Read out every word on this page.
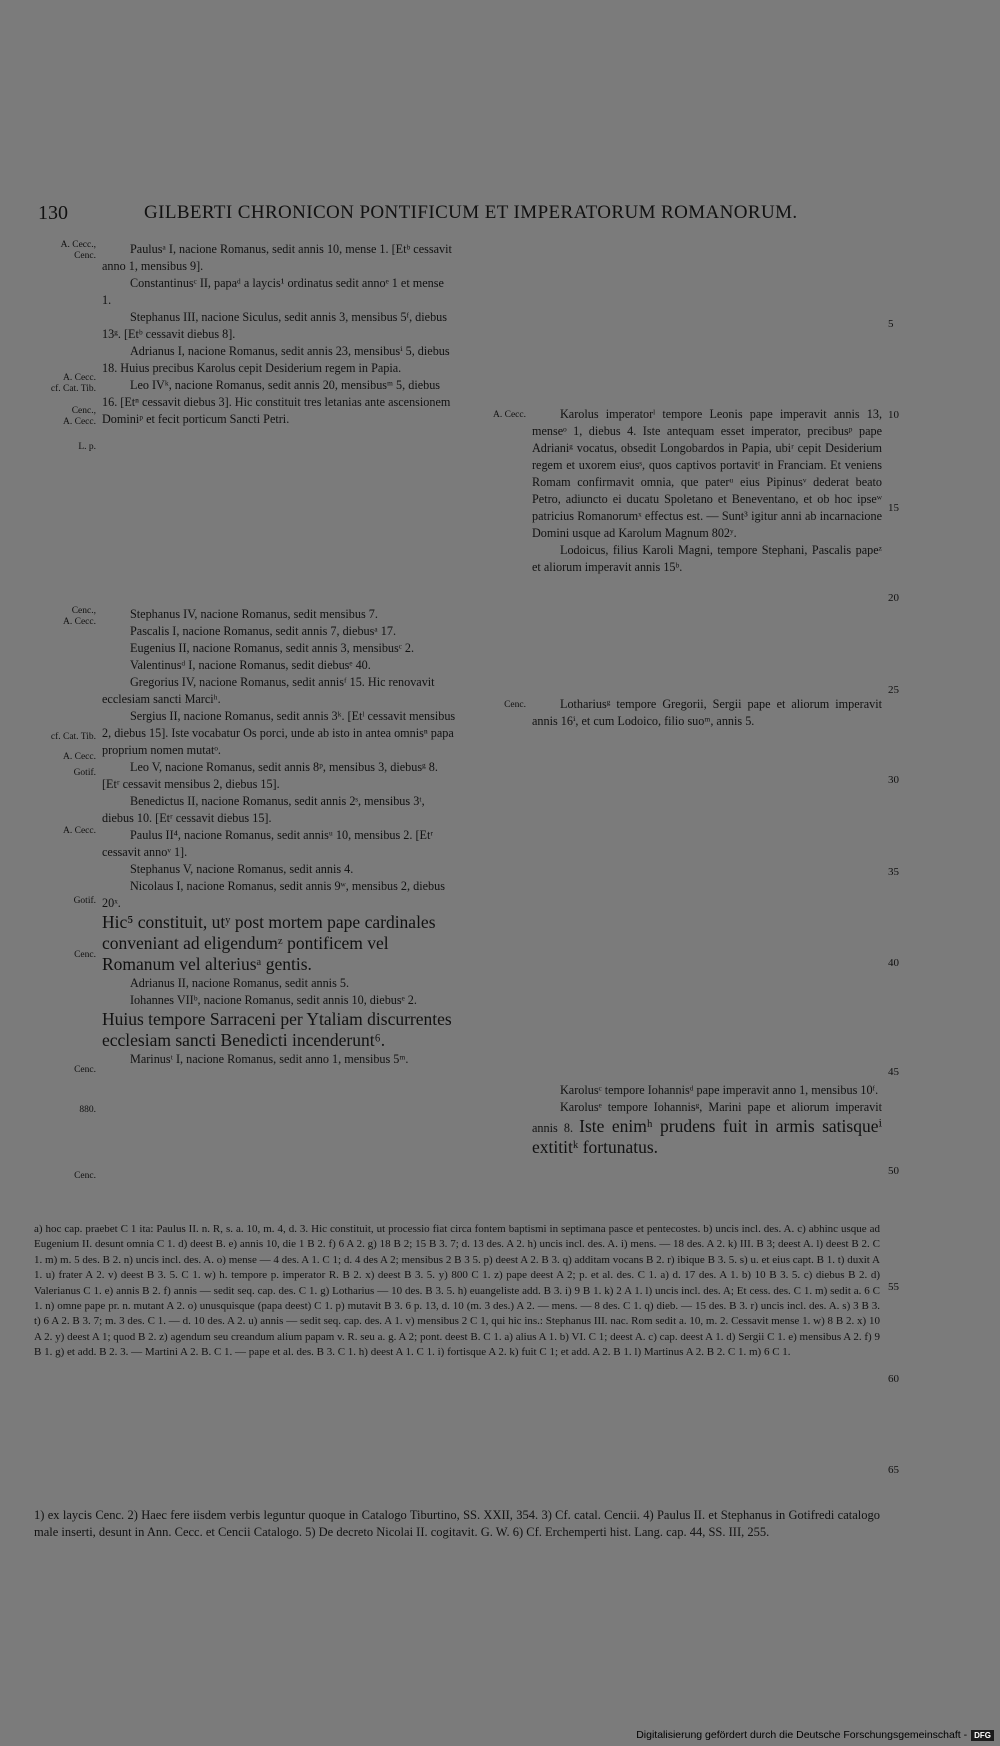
130	GILBERTI CHRONICON PONTIFICUM ET IMPERATORUM ROMANORUM.
A. Cecc.,
Cenc.
A. Cecc.
cf. Cat. Tib.
Cenc.,
A. Cecc.
L. p.
Cenc.,
A. Cecc.
cf. Cat. Tib.
A. Cecc.
Gotif.
A. Cecc.
Gotif.
Cenc.
Cenc.
880.
Cenc.

Paulusᵃ I, nacione Romanus, sedit annis 10, mense 1. [Etᵇ cessavit anno 1, mensibus 9].

Constantinusᶜ II, papaᵈ a laycis¹ ordinatus sedit annoᵉ 1 et mense 1.

Stephanus III, nacione Siculus, sedit annis 3, mensibus 5ᶠ, diebus 13ᵍ. [Etᵇ cessavit diebus 8].

Adrianus I, nacione Romanus, sedit annis 23, mensibusⁱ 5, diebus 18. Huius precibus Karolus cepit Desiderium regem in Papia.

Leo IVᵏ, nacione Romanus, sedit annis 20, mensibusᵐ 5, diebus 16. [Etⁿ cessavit diebus 3]. Hic constituit tres letanias ante ascensionem Dominiᵖ et fecit porticum Sancti Petri.

Stephanus IV, nacione Romanus, sedit mensibus 7.

Pascalis I, nacione Romanus, sedit annis 7, diebusᵃ 17.

Eugenius II, nacione Romanus, sedit annis 3, mensibusᶜ 2.

Valentinusᵈ I, nacione Romanus, sedit diebusᵉ 40.

Gregorius IV, nacione Romanus, sedit annisᶠ 15. Hic renovavit ecclesiam sancti Marciʰ.

Sergius II, nacione Romanus, sedit annis 3ᵏ. [Etˡ cessavit mensibus 2, diebus 15]. Iste vocabatur Os porci, unde ab isto in antea omnisⁿ papa proprium nomen mutatᵒ.

Leo V, nacione Romanus, sedit annis 8ᵖ, mensibus 3, diebusᵍ 8. [Etʳ cessavit mensibus 2, diebus 15].

Benedictus II, nacione Romanus, sedit annis 2ˢ, mensibus 3ᵗ, diebus 10. [Etʳ cessavit diebus 15].

Paulus II⁴, nacione Romanus, sedit annisᵘ 10, mensibus 2. [Etʳ cessavit annoᵛ 1].

Stephanus V, nacione Romanus, sedit annis 4.

Nicolaus I, nacione Romanus, sedit annis 9ʷ, mensibus 2, diebus 20ˣ.

Hic⁵ constituit, utʸ post mortem pape cardinales conveniant ad eligendumᶻ pontificem vel Romanum vel alteriusᵃ gentis.

Adrianus II, nacione Romanus, sedit annis 5.

Iohannes VIIᵇ, nacione Romanus, sedit annis 10, diebusᵉ 2.

Huius tempore Sarraceni per Ytaliam discurrentes ecclesiam sancti Benedicti incenderunt⁶.

Marinusᵗ I, nacione Romanus, sedit anno 1, mensibus 5ᵐ.

A. Cecc.	Karolus imperatorˡ tempore Leonis pape imperavit annis 13, menseᵒ 1, diebus 4. Iste antequam esset imperator, precibusᵖ pape Adrianiᵍ vocatus, obsedit Longobardos in Papia, ubiʳ cepit Desiderium regem et uxorem eiusˢ, quos captivos portavitᵗ in Franciam. Et veniens Romam confirmavit omnia, que paterᵘ eius Pipinusᵛ dederat beato Petro, adiuncto ei ducatu Spoletano et Beneventano, et ob hoc ipseʷ patricius Romanorumˣ effectus est. — Sunt³ igitur anni ab incarnacione Domini usque ad Karolum Magnum 802ʸ.

Lodoicus, filius Karoli Magni, tempore Stephani, Pascalis papeᶻ et aliorum imperavit annis 15ᵇ.

Cenc.	Lothariusᵍ tempore Gregorii, Sergii pape et aliorum imperavit annis 16ⁱ, et cum Lodoico, filio suoᵐ, annis 5.

Karolusᶜ tempore Iohannisᵈ pape imperavit anno 1, mensibus 10ᶠ.

Karolusᵉ tempore Iohannisᵍ, Marini pape et aliorum imperavit annis 8. Iste enimʰ prudens fuit in armis satisqueⁱ extititᵏ fortunatus.

5
10
15
20
25
30
35
40
45
50
55
60
65

a) hoc cap. praebet C 1 ita: Paulus II. n. R, s. a. 10, m. 4, d. 3. Hic constituit, ut processio fiat circa fontem baptismi in septimana pasce et pentecostes. b) uncis incl. des. A. c) abhinc usque ad Eugenium II. desunt omnia C 1. d) deest B. e) annis 10, die 1 B 2. f) 6 A 2. g) 18 B 2; 15 B 3. 7; d. 13 des. A 2. h) uncis incl. des. A. i) mens. — 18 des. A 2. k) III. B 3; deest A. l) deest B 2. C 1. m) m. 5 des. B 2. n) uncis incl. des. A. o) mense — 4 des. A 1. C 1; d. 4 des A 2; mensibus 2 B 3 5. p) deest A 2. B 3. q) additam vocans B 2. r) ibique B 3. 5. s) u. et eius capt. B 1. t) duxit A 1. u) frater A 2. v) deest B 3. 5. C 1. w) h. tempore p. imperator R. B 2. x) deest B 3. 5. y) 800 C 1. z) pape deest A 2; p. et al. des. C 1. a) d. 17 des. A 1. b) 10 B 3. 5. c) diebus B 2. d) Valerianus C 1. e) annis B 2. f) annis — sedit seq. cap. des. C 1. g) Lotharius — 10 des. B 3. 5. h) euangeliste add. B 3. i) 9 B 1. k) 2 A 1. l) uncis incl. des. A; Et cess. des. C 1. m) sedit a. 6 C 1. n) omne pape pr. n. mutant A 2. o) unusquisque (papa deest) C 1. p) mutavit B 3. 6 p. 13, d. 10 (m. 3 des.) A 2. — mens. — 8 des. C 1. q) dieb. — 15 des. B 3. r) uncis incl. des. A. s) 3 B 3. t) 6 A 2. B 3. 7; m. 3 des. C 1. — d. 10 des. A 2. u) annis — sedit seq. cap. des. A 1. v) mensibus 2 C 1, qui hic ins.: Stephanus III. nac. Rom sedit a. 10, m. 2. Cessavit mense 1. w) 8 B 2. x) 10 A 2. y) deest A 1; quod B 2. z) agendum seu creandum alium papam v. R. seu a. g. A 2; pont. deest B. C 1. a) alius A 1. b) VI. C 1; deest A. c) cap. deest A 1. d) Sergii C 1. e) mensibus A 2. f) 9 B 1. g) et add. B 2. 3. — Martini A 2. B. C 1. — pape et al. des. B 3. C 1. h) deest A 1. C 1. i) fortisque A 2. k) fuit C 1; et add. A 2. B 1. l) Martinus A 2. B 2. C 1. m) 6 C 1.

1) ex laycis Cenc. 2) Haec fere iisdem verbis leguntur quoque in Catalogo Tiburtino, SS. XXII, 354. 3) Cf. catal. Cencii. 4) Paulus II. et Stephanus in Gotifredi catalogo male inserti, desunt in Ann. Cecc. et Cencii Catalogo. 5) De decreto Nicolai II. cogitavit. G. W. 6) Cf. Erchemperti hist. Lang. cap. 44, SS. III, 255.

Digitalisierung gefördert durch die Deutsche Forschungsgemeinschaft - DFG
